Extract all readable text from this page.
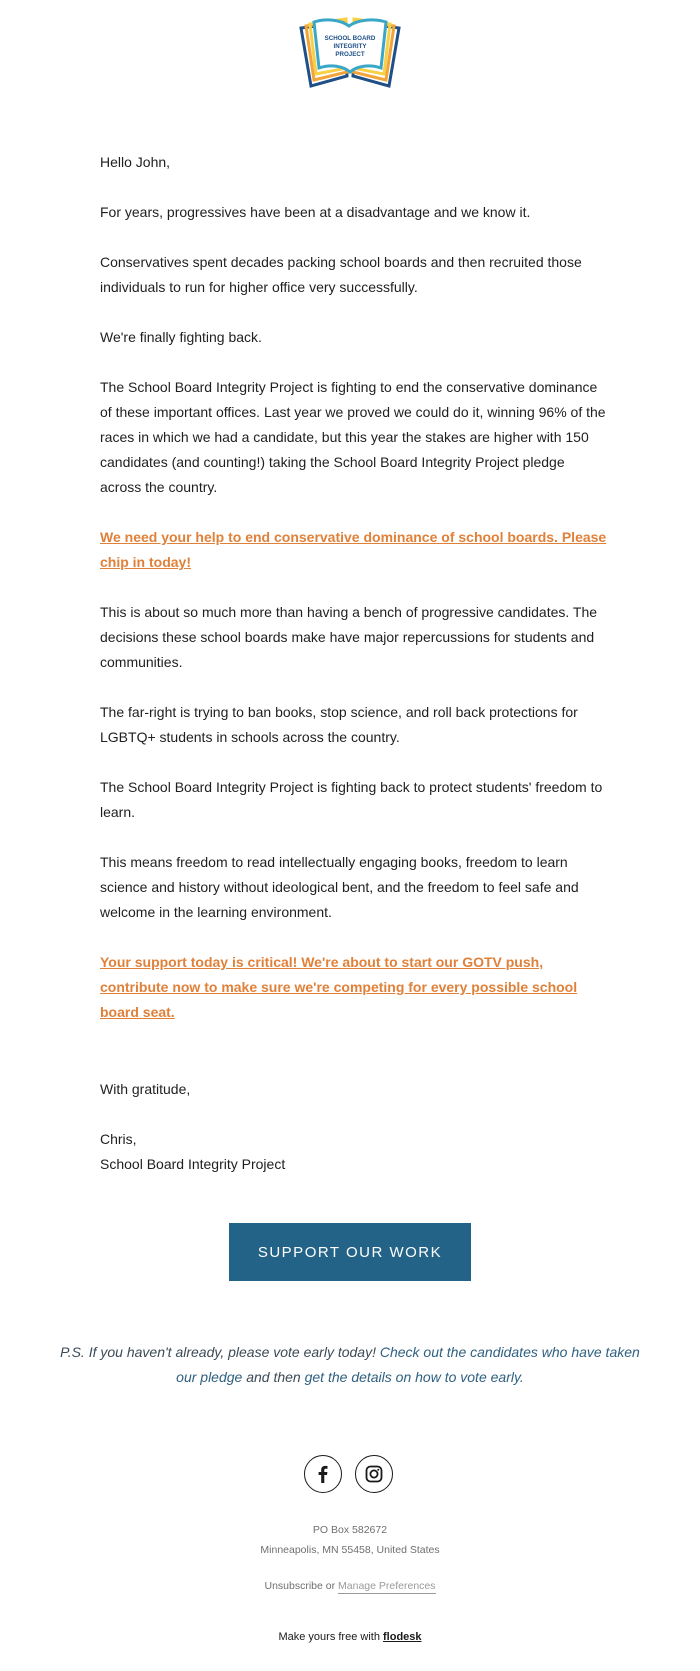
SCHOOL BOARD
INTEGRITY
PROJECT

Hello John,

For years, progressives have been at a disadvantage and we know it.

Conservatives spent decades packing school boards and then recruited those individuals to run for higher office very successfully.

We're finally fighting back.

The School Board Integrity Project is fighting to end the conservative dominance of these important offices. Last year we proved we could do it, winning 96% of the races in which we had a candidate, but this year the stakes are higher with 150 candidates (and counting!) taking the School Board Integrity Project pledge across the country.

We need your help to end conservative dominance of school boards. Please chip in today!

This is about so much more than having a bench of progressive candidates. The decisions these school boards make have major repercussions for students and communities.

The far-right is trying to ban books, stop science, and roll back protections for LGBTQ+ students in schools across the country.

The School Board Integrity Project is fighting back to protect students' freedom to learn.

This means freedom to read intellectually engaging books, freedom to learn science and history without ideological bent, and the freedom to feel safe and welcome in the learning environment.

Your support today is critical! We're about to start our GOTV push, contribute now to make sure we're competing for every possible school board seat.

With gratitude,

Chris,
School Board Integrity Project
SUPPORT OUR WORK
P.S. If you haven't already, please vote early today! Check out the candidates who have taken our pledge and then get the details on how to vote early.
PO Box 582672
Minneapolis, MN 55458, United States
Unsubscribe or Manage Preferences
Make yours free with flodesk
